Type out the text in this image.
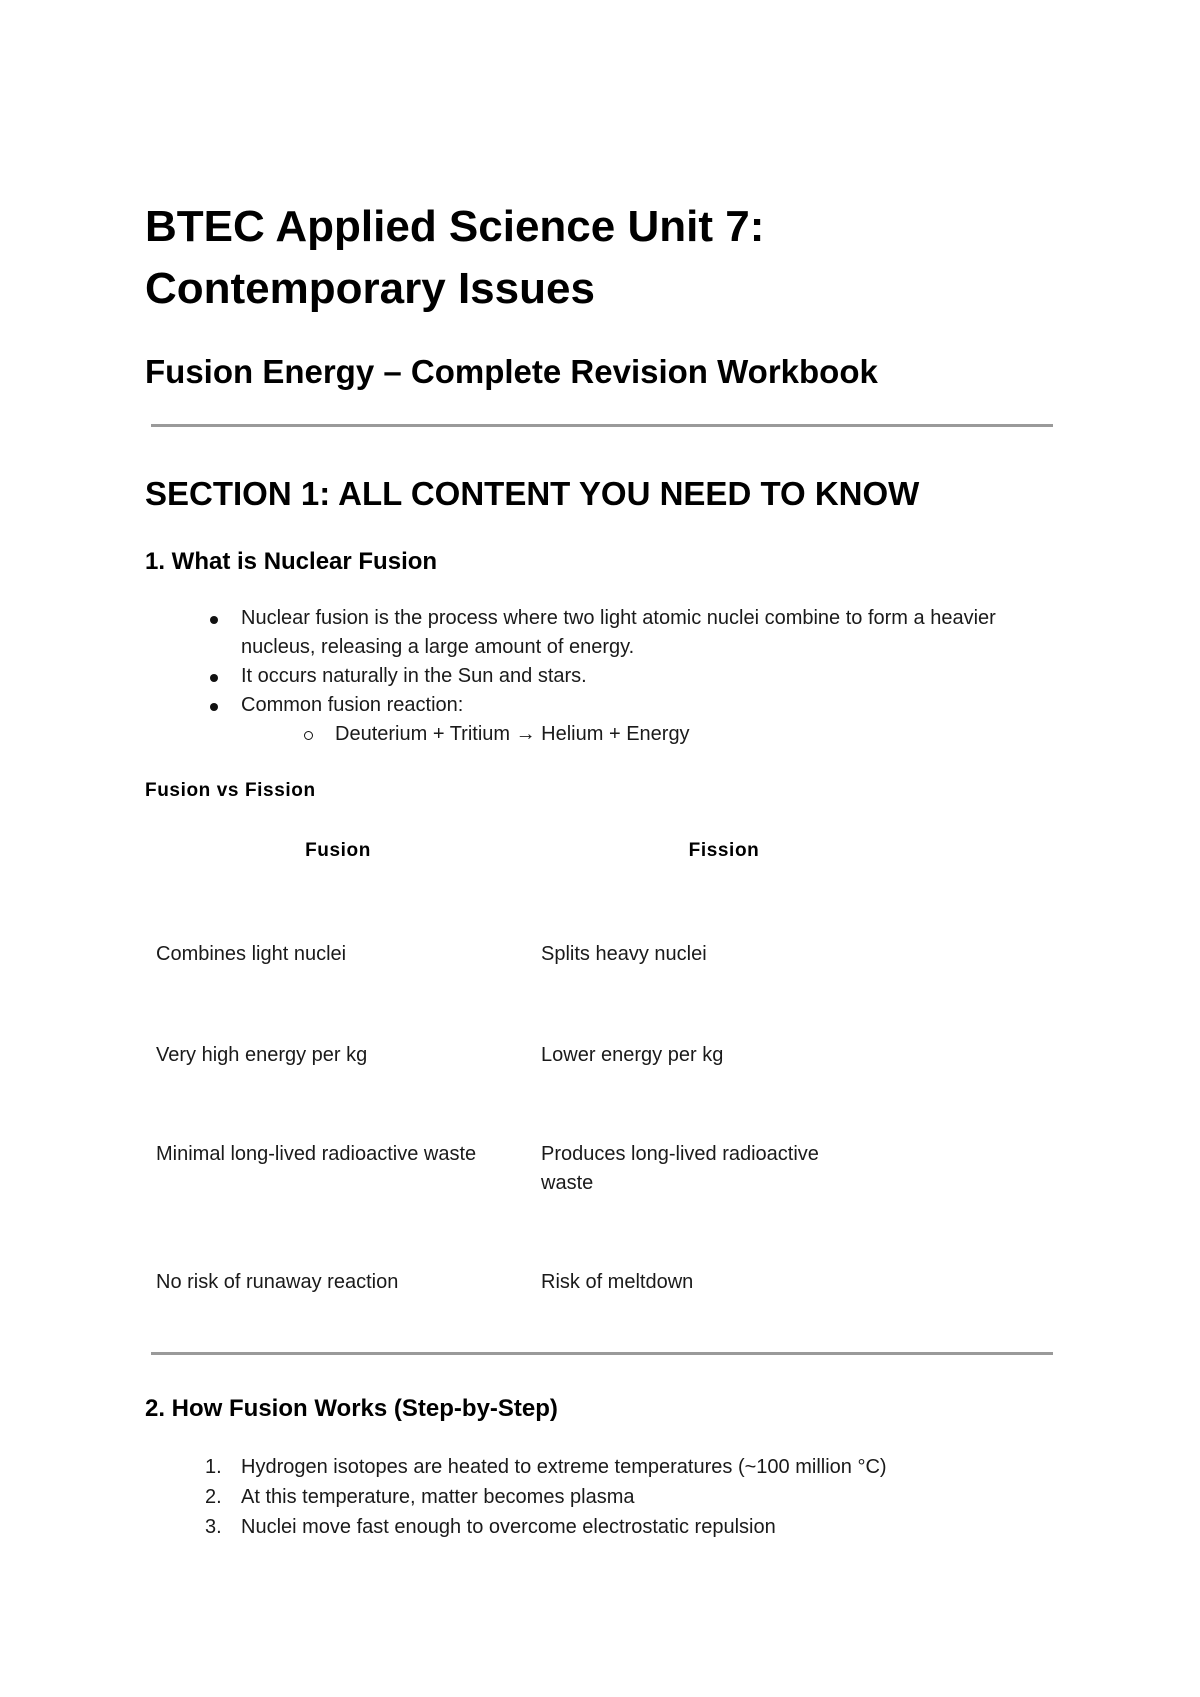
BTEC Applied Science Unit 7:
Contemporary Issues
Fusion Energy – Complete Revision Workbook
SECTION 1: ALL CONTENT YOU NEED TO KNOW
1. What is Nuclear Fusion
Nuclear fusion is the process where two light atomic nuclei combine to form a heavier nucleus, releasing a large amount of energy.
It occurs naturally in the Sun and stars.
Common fusion reaction:
Deuterium + Tritium → Helium + Energy

Fusion vs Fission

Fusion	Fission
Combines light nuclei	Splits heavy nuclei
Very high energy per kg	Lower energy per kg
Minimal long-lived radioactive waste	Produces long-lived radioactive waste
No risk of runaway reaction	Risk of meltdown
2. How Fusion Works (Step-by-Step)
1. Hydrogen isotopes are heated to extreme temperatures (~100 million °C)
2. At this temperature, matter becomes plasma
3. Nuclei move fast enough to overcome electrostatic repulsion
